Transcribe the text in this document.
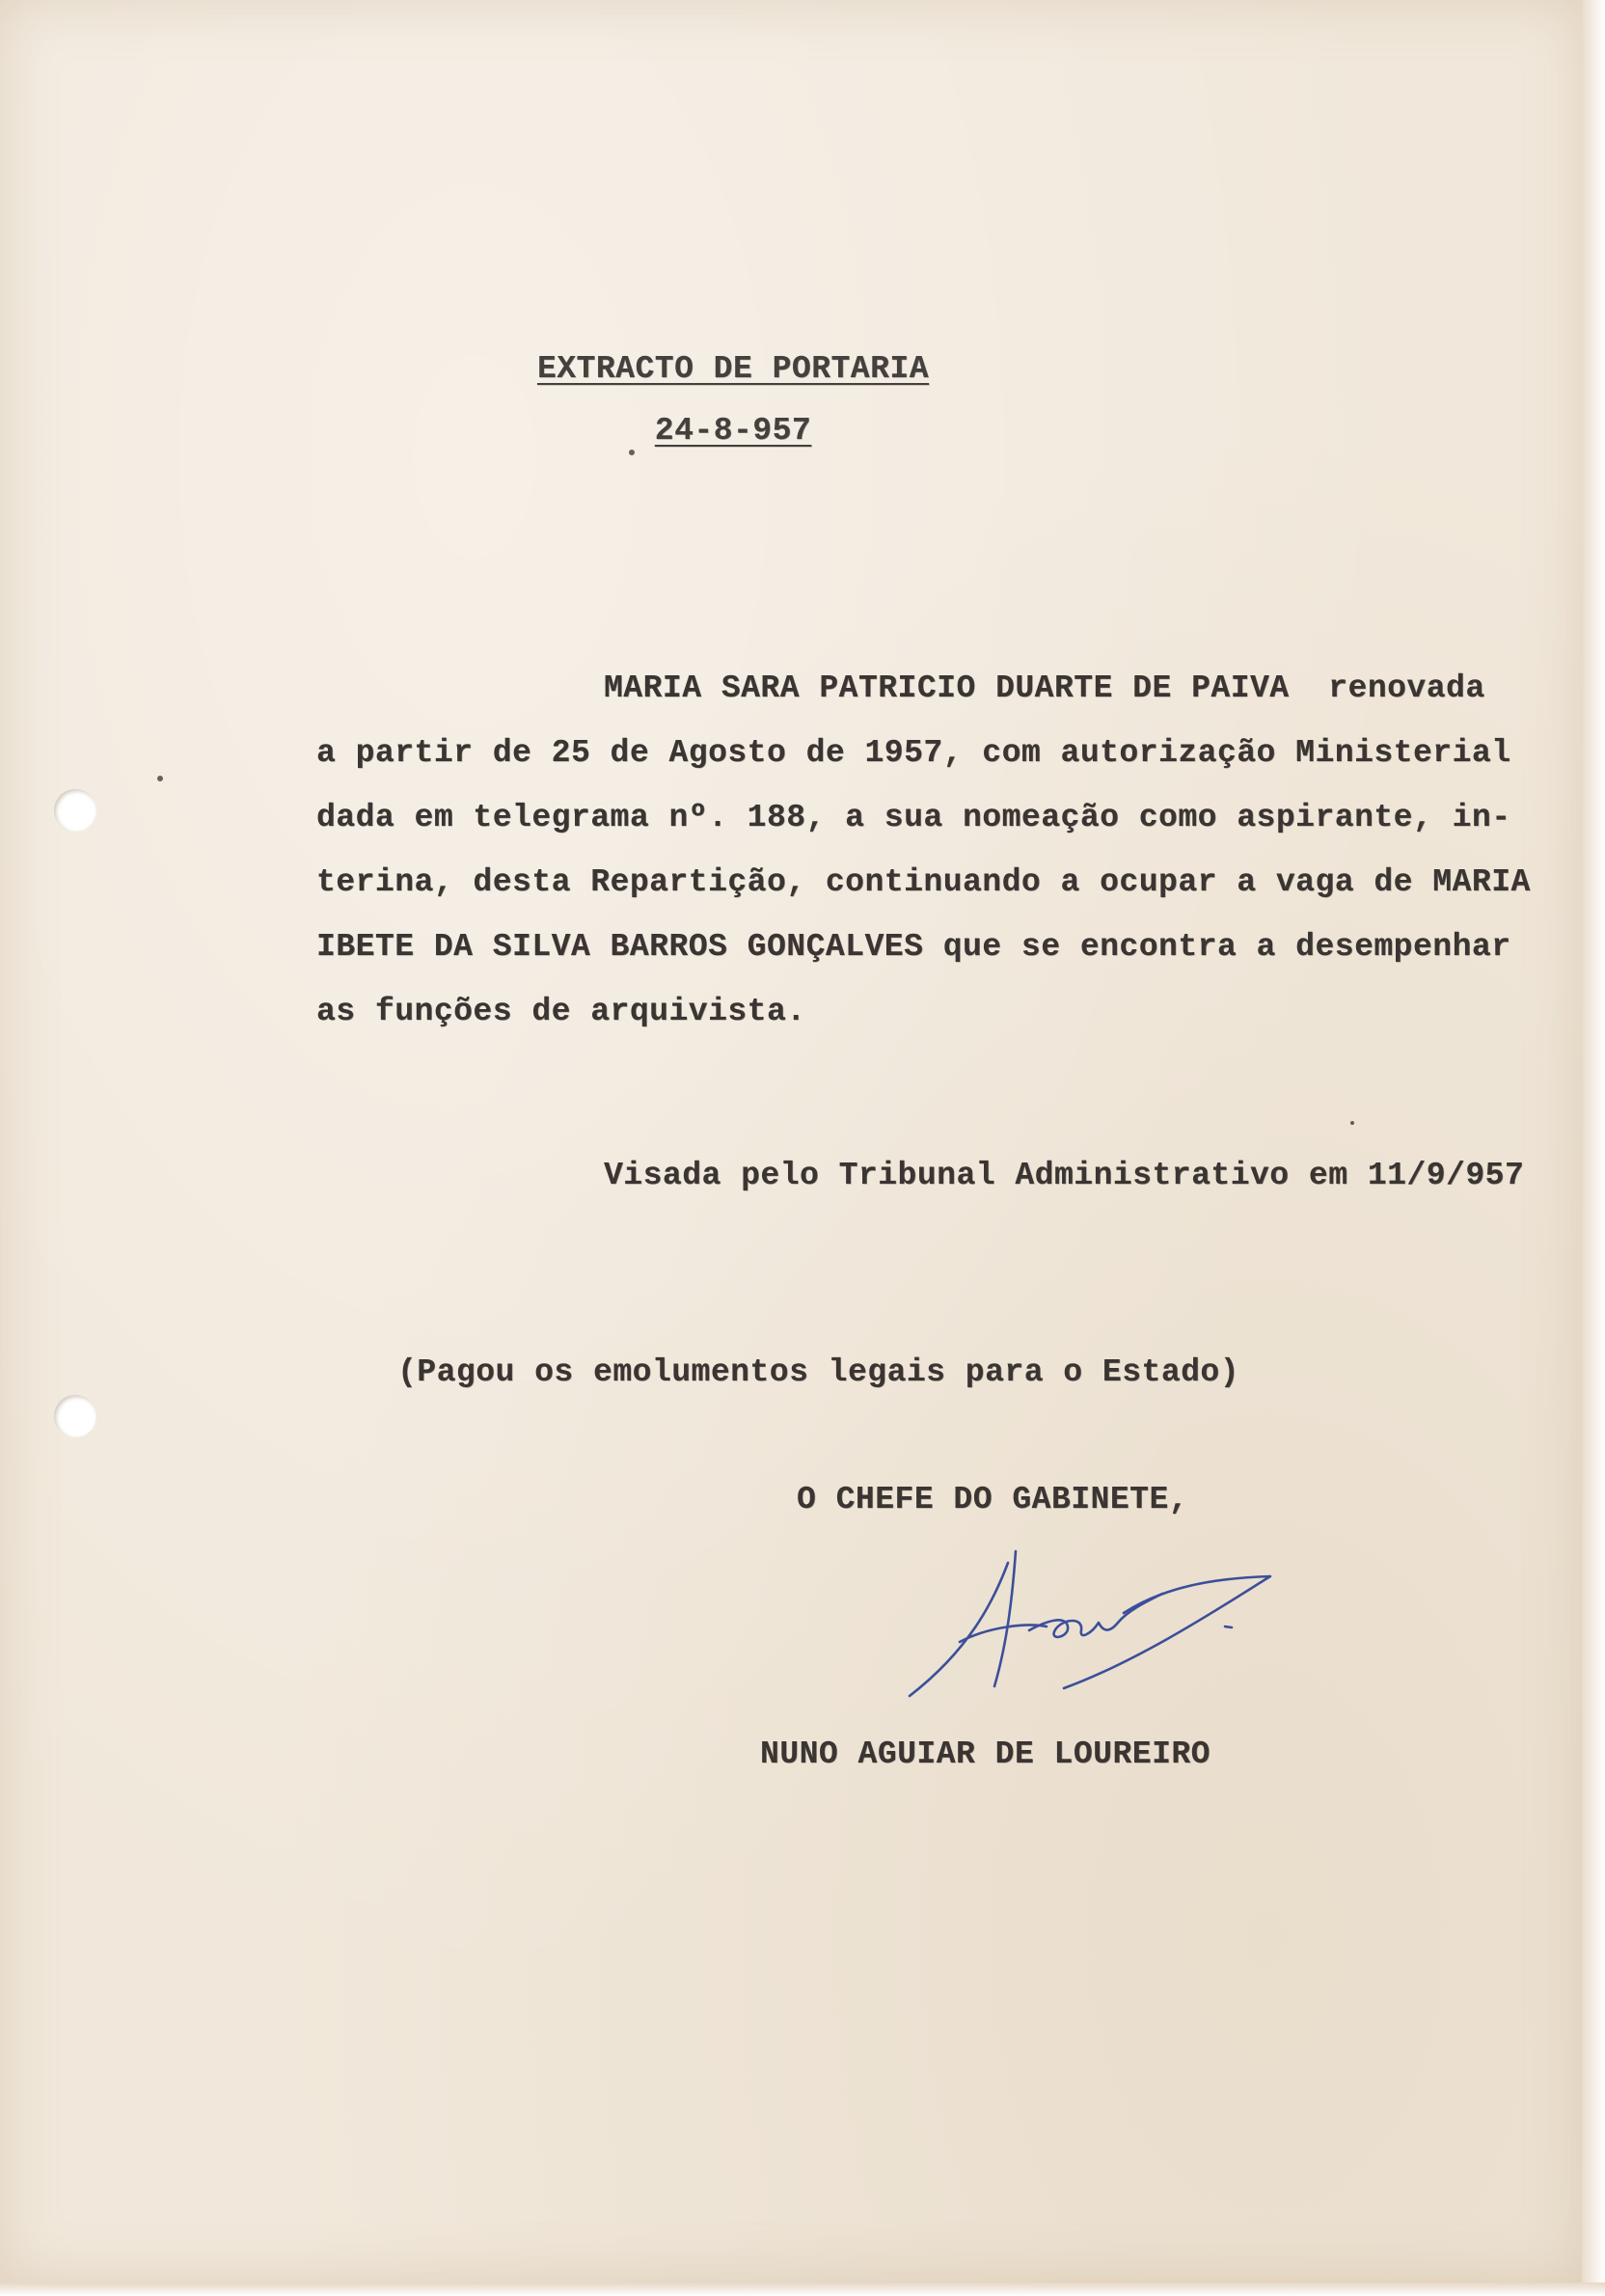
EXTRACTO DE PORTARIA
24-8-957
MARIA SARA PATRICIO DUARTE DE PAIVA  renovada
a partir de 25 de Agosto de 1957, com autorização Ministerial
dada em telegrama nº. 188, a sua nomeação como aspirante, in-
terina, desta Repartição, continuando a ocupar a vaga de MARIA
IBETE DA SILVA BARROS GONÇALVES que se encontra a desempenhar
as funções de arquivista.
Visada pelo Tribunal Administrativo em 11/9/957
(Pagou os emolumentos legais para o Estado)
O CHEFE DO GABINETE,
NUNO AGUIAR DE LOUREIRO
